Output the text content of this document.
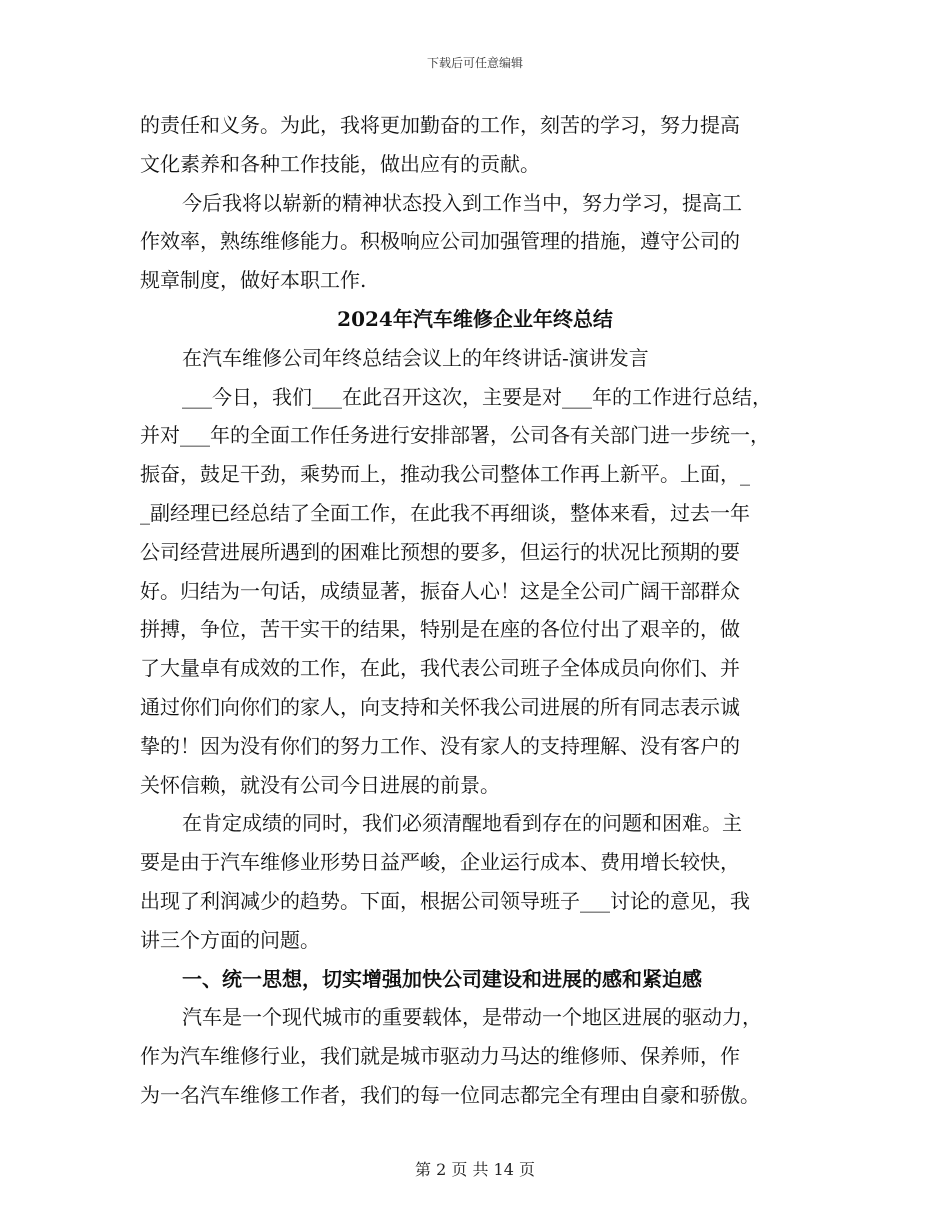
下载后可任意编辑
的责任和义务。为此，我将更加勤奋的工作，刻苦的学习，努力提高
文化素养和各种工作技能，做出应有的贡献。
今后我将以崭新的精神状态投入到工作当中，努力学习，提高工
作效率，熟练维修能力。积极响应公司加强管理的措施，遵守公司的
规章制度，做好本职工作.
2024年汽车维修企业年终总结
在汽车维修公司年终总结会议上的年终讲话-演讲发言
___今日，我们___在此召开这次，主要是对___年的工作进行总结，
并对___年的全面工作任务进行安排部署，公司各有关部门进一步统一，
振奋，鼓足干劲，乘势而上，推动我公司整体工作再上新平。上面，_
_副经理已经总结了全面工作，在此我不再细谈，整体来看，过去一年
公司经营进展所遇到的困难比预想的要多，但运行的状况比预期的要
好。归结为一句话，成绩显著，振奋人心！这是全公司广阔干部群众
拼搏，争位，苦干实干的结果，特别是在座的各位付出了艰辛的，做
了大量卓有成效的工作，在此，我代表公司班子全体成员向你们、并
通过你们向你们的家人，向支持和关怀我公司进展的所有同志表示诚
挚的！因为没有你们的努力工作、没有家人的支持理解、没有客户的
关怀信赖，就没有公司今日进展的前景。
在肯定成绩的同时，我们必须清醒地看到存在的问题和困难。主
要是由于汽车维修业形势日益严峻，企业运行成本、费用增长较快，
出现了利润减少的趋势。下面，根据公司领导班子___讨论的意见，我
讲三个方面的问题。
一、统一思想，切实增强加快公司建设和进展的感和紧迫感
汽车是一个现代城市的重要载体，是带动一个地区进展的驱动力，
作为汽车维修行业，我们就是城市驱动力马达的维修师、保养师，作
为一名汽车维修工作者，我们的每一位同志都完全有理由自豪和骄傲。
第 2 页 共 14 页
